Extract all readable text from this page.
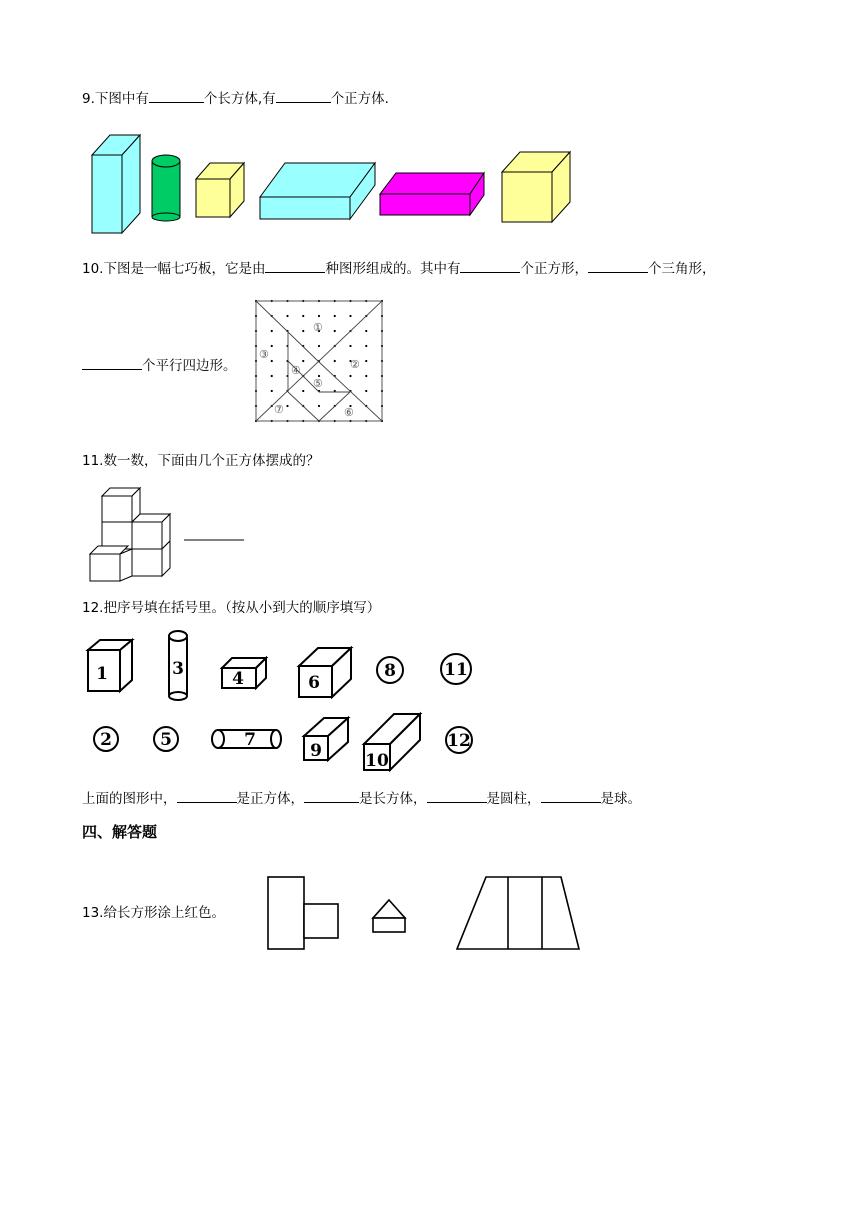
9.下图中有	个长方体,有	个正方体.
10.下图是一幅七巧板，它是由	种图形组成的。其中有	个正方形，	个三角形，
个平行四边形。
①
②
③
④
⑤
⑥
⑦
11.数一数，下面由几个正方体摆成的？
12.把序号填在括号里。（按从小到大的顺序填写）
1	3	4	6
8	11
2	5	7
9	10
12
上面的图形中，	是正方体，	是长方体，	是圆柱，	是球。
四、解答题
13.给长方形涂上红色。
